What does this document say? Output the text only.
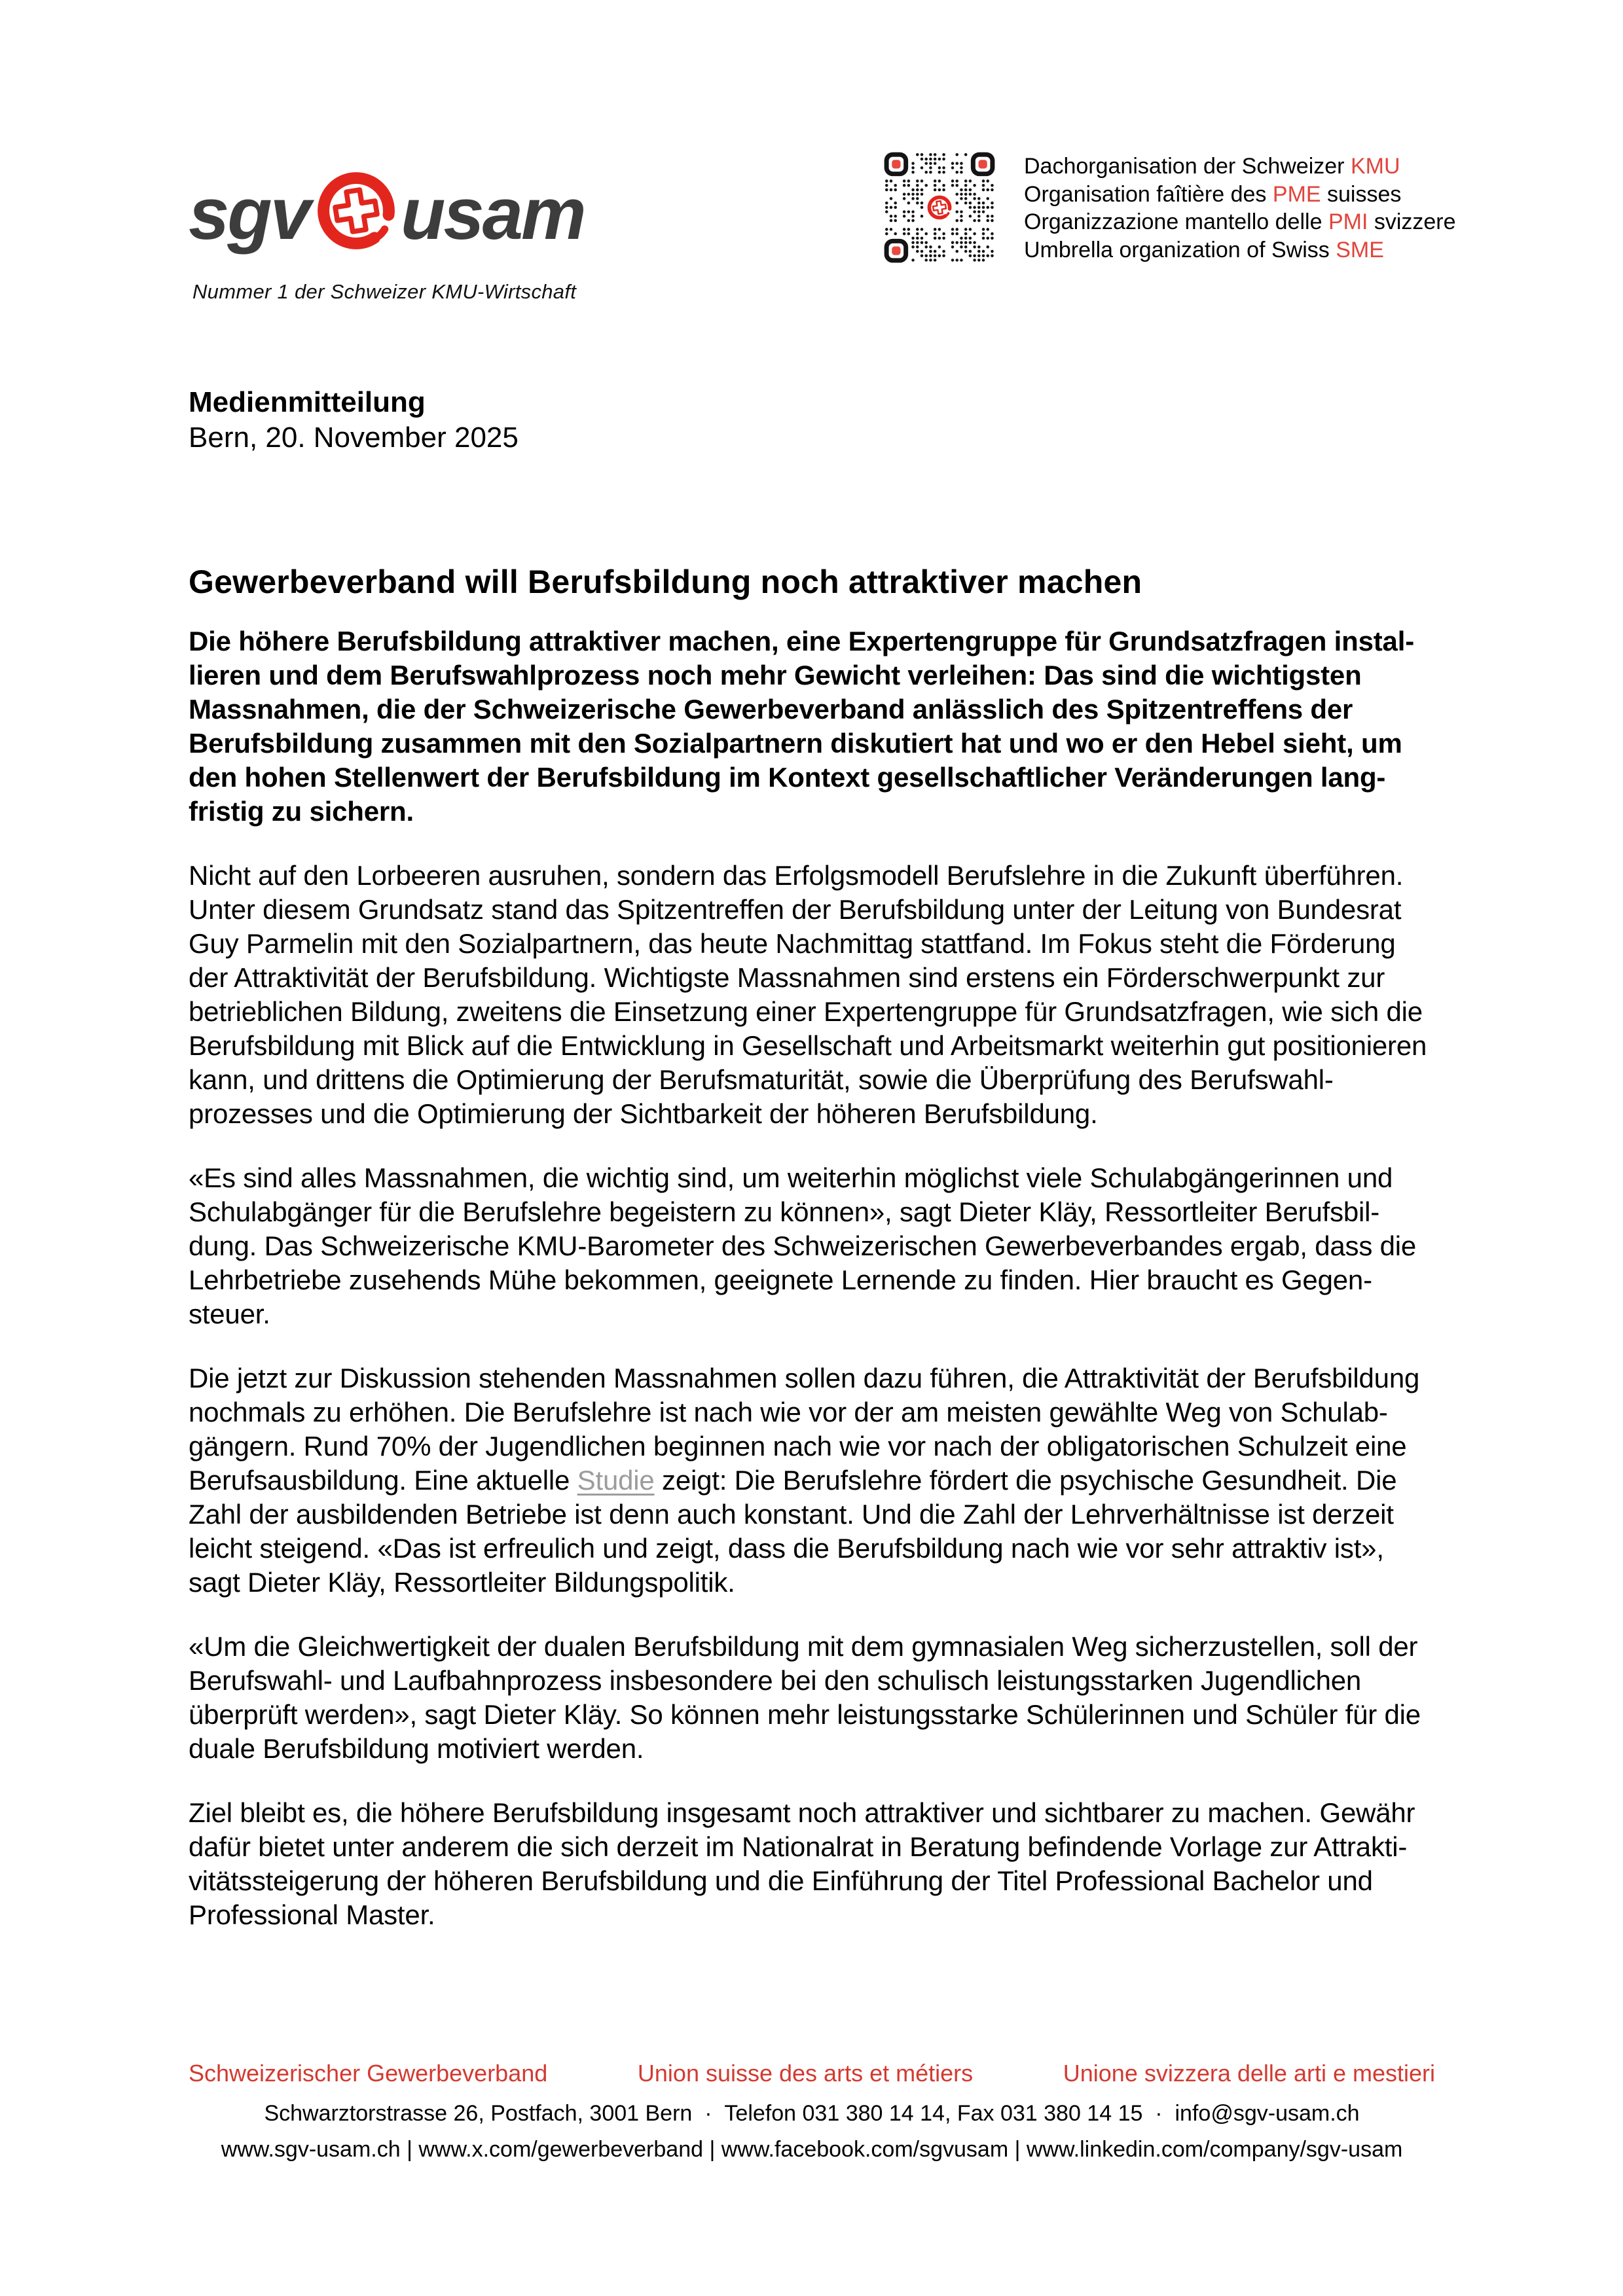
sgv usam
Nummer 1 der Schweizer KMU-Wirtschaft
Dachorganisation der Schweizer KMU
Organisation faîtière des PME suisses
Organizzazione mantello delle PMI svizzere
Umbrella organization of Swiss SME
Medienmitteilung
Bern, 20. November 2025
Gewerbeverband will Berufsbildung noch attraktiver machen

Die höhere Berufsbildung attraktiver machen, eine Expertengruppe für Grundsatzfragen installieren und dem Berufswahlprozess noch mehr Gewicht verleihen: Das sind die wichtigsten Massnahmen, die der Schweizerische Gewerbeverband anlässlich des Spitzentreffens der Berufsbildung zusammen mit den Sozialpartnern diskutiert hat und wo er den Hebel sieht, um den hohen Stellenwert der Berufsbildung im Kontext gesellschaftlicher Veränderungen langfristig zu sichern.

Nicht auf den Lorbeeren ausruhen, sondern das Erfolgsmodell Berufslehre in die Zukunft überführen. Unter diesem Grundsatz stand das Spitzentreffen der Berufsbildung unter der Leitung von Bundesrat Guy Parmelin mit den Sozialpartnern, das heute Nachmittag stattfand. Im Fokus steht die Förderung der Attraktivität der Berufsbildung. Wichtigste Massnahmen sind erstens ein Förderschwerpunkt zur betrieblichen Bildung, zweitens die Einsetzung einer Expertengruppe für Grundsatzfragen, wie sich die Berufsbildung mit Blick auf die Entwicklung in Gesellschaft und Arbeitsmarkt weiterhin gut positionieren kann, und drittens die Optimierung der Berufsmaturität, sowie die Überprüfung des Berufswahlprozesses und die Optimierung der Sichtbarkeit der höheren Berufsbildung.

«Es sind alles Massnahmen, die wichtig sind, um weiterhin möglichst viele Schulabgängerinnen und Schulabgänger für die Berufslehre begeistern zu können», sagt Dieter Kläy, Ressortleiter Berufsbildung. Das Schweizerische KMU-Barometer des Schweizerischen Gewerbeverbandes ergab, dass die Lehrbetriebe zusehends Mühe bekommen, geeignete Lernende zu finden. Hier braucht es Gegensteuer.

Die jetzt zur Diskussion stehenden Massnahmen sollen dazu führen, die Attraktivität der Berufsbildung nochmals zu erhöhen. Die Berufslehre ist nach wie vor der am meisten gewählte Weg von Schulabgängern. Rund 70% der Jugendlichen beginnen nach wie vor nach der obligatorischen Schulzeit eine Berufsausbildung. Eine aktuelle Studie zeigt: Die Berufslehre fördert die psychische Gesundheit. Die Zahl der ausbildenden Betriebe ist denn auch konstant. Und die Zahl der Lehrverhältnisse ist derzeit leicht steigend. «Das ist erfreulich und zeigt, dass die Berufsbildung nach wie vor sehr attraktiv ist», sagt Dieter Kläy, Ressortleiter Bildungspolitik.

«Um die Gleichwertigkeit der dualen Berufsbildung mit dem gymnasialen Weg sicherzustellen, soll der Berufswahl- und Laufbahnprozess insbesondere bei den schulisch leistungsstarken Jugendlichen überprüft werden», sagt Dieter Kläy. So können mehr leistungsstarke Schülerinnen und Schüler für die duale Berufsbildung motiviert werden.

Ziel bleibt es, die höhere Berufsbildung insgesamt noch attraktiver und sichtbarer zu machen. Gewähr dafür bietet unter anderem die sich derzeit im Nationalrat in Beratung befindende Vorlage zur Attraktivitätssteigerung der höheren Berufsbildung und die Einführung der Titel Professional Bachelor und Professional Master.

Schweizerischer Gewerbeverband	Union suisse des arts et métiers	Unione svizzera delle arti e mestieri
Schwarztorstrasse 26, Postfach, 3001 Bern  ·  Telefon 031 380 14 14, Fax 031 380 14 15  ·  info@sgv-usam.ch
www.sgv-usam.ch | www.x.com/gewerbeverband | www.facebook.com/sgvusam | www.linkedin.com/company/sgv-usam
